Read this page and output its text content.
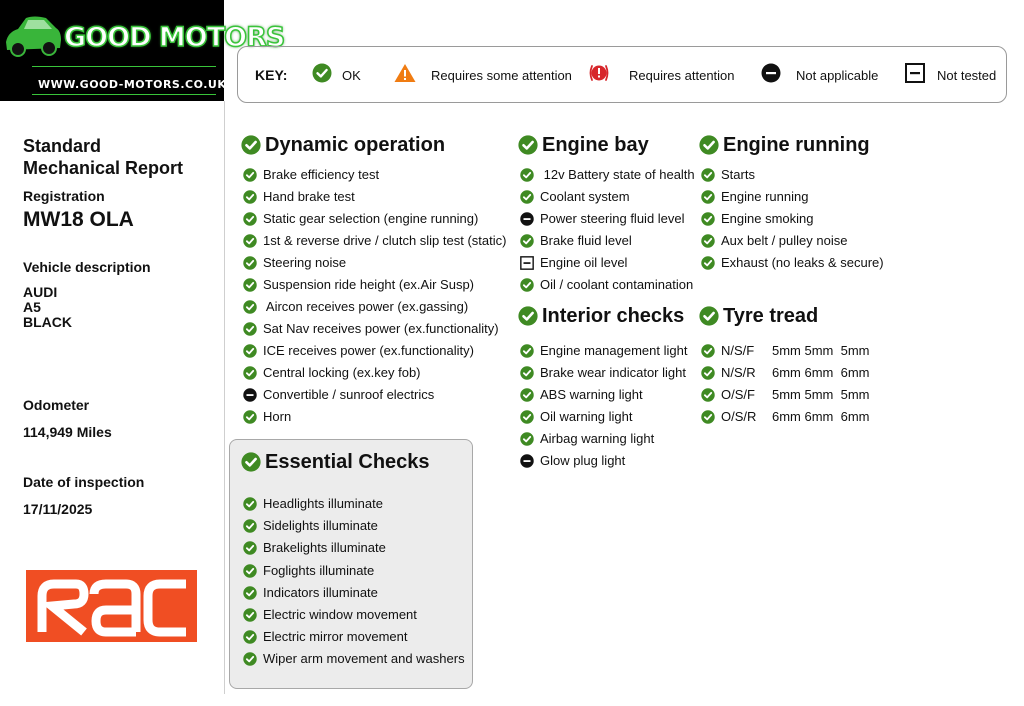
GOOD MOTORS
WWW.GOOD-MOTORS.CO.UK
KEY:	OK	Requires some attention	Requires attention	Not applicable	Not tested
Standard
Mechanical Report
Registration
MW18 OLA
Vehicle description
AUDI
A5
BLACK
Odometer
114,949 Miles
Date of inspection
17/11/2025
Dynamic operation
Brake efficiency test
Hand brake test
Static gear selection (engine running)
1st & reverse drive / clutch slip test (static)
Steering noise
Suspension ride height (ex.Air Susp)
Aircon receives power (ex.gassing)
Sat Nav receives power (ex.functionality)
ICE receives power (ex.functionality)
Central locking (ex.key fob)
Convertible / sunroof electrics
Horn
Essential Checks
Headlights illuminate
Sidelights illuminate
Brakelights illuminate
Foglights illuminate
Indicators illuminate
Electric window movement
Electric mirror movement
Wiper arm movement and washers
Engine bay
12v Battery state of health
Coolant system
Power steering fluid level
Brake fluid level
Engine oil level
Oil / coolant contamination
Interior checks
Engine management light
Brake wear indicator light
ABS warning light
Oil warning light
Airbag warning light
Glow plug light
Engine running
Starts
Engine running
Engine smoking
Aux belt / pulley noise
Exhaust (no leaks & secure)
Tyre tread
N/S/F 5mm 5mm  5mm
N/S/R 6mm 6mm  6mm
O/S/F 5mm 5mm  5mm
O/S/R 6mm 6mm  6mm
